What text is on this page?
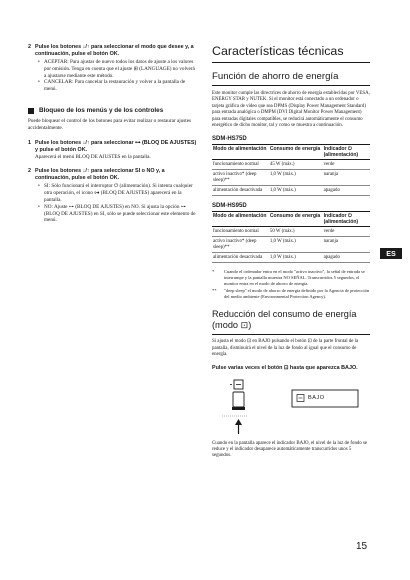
2 Pulse los botones ↓/↑ para seleccionar el modo que desee y, a continuación, pulse el botón OK.
• ACEPTAR: Para ajustar de nuevo todos los datos de ajuste a los valores por omisión. Tenga en cuenta que el ajuste ⊞ (LANGUAGE) no volverá a ajustarse mediante este método.
• CANCELAR: Para cancelar la restauración y volver a la pantalla de menú.
Bloqueo de los menús y de los controles

Puede bloquear el control de los botones para evitar realizar o restaurar ajustes accidentalmente.

1 Pulse los botones ↓/↑ para seleccionar ⊶ (BLOQ DE AJUSTES) y pulse el botón OK.
Aparecerá el menú BLOQ DE AJUSTES en la pantalla.
2 Pulse los botones ↓/↑ para seleccionar SI o NO y, a continuación, pulse el botón OK.
• SI: Sólo funcionará el interruptor ⏻ (alimentación). Si intenta cualquier otra operación, el icono ⊶ (BLOQ DE AJUSTES) aparecerá en la pantalla.
• NO: Ajuste ⊶ (BLOQ DE AJUSTES) en NO. Si ajusta la opción ⊶ (BLOQ DE AJUSTES) en SI, sólo se puede seleccionar este elemento de menú.
Características técnicas
Función de ahorro de energía

Este monitor cumple las directrices de ahorro de energía establecidas por VESA, ENERGY STAR y NUTEK. Si el monitor está conectado a un ordenador o tarjeta gráfica de vídeo que sea DPMS (Display Power Management Standard) para entrada analógica o DMPM (DVI Digital Monitor Power Management) para entradas digitales compatibles, se reducirá automáticamente el consumo energético de dicho monitor, tal y como se muestra a continuación.

SDM-HS75D
Modo de alimentación	Consumo de energía	Indicador ⏻ (alimentación)
funcionamiento normal	45 W (máx.)	verde
activo inactivo* (deep sleep)**	1,0 W (máx.)	naranja
alimentación desactivada	1,0 W (máx.)	apagado
SDM-HS95D
Modo de alimentación	Consumo de energía	Indicador ⏻ (alimentación)
funcionamiento normal	50 W (máx.)	verde
activo inactivo* (deep sleep)**	1,0 W (máx.)	naranja
alimentación desactivada	1,0 W (máx.)	apagado
*	Cuando el ordenador entra en el modo "activo inactivo", la señal de entrada se interrumpe y la pantalla muestra NO SEÑAL. Transcurridos 5 segundos, el monitor entra en el modo de ahorro de energía.
**	"deep sleep" el modo de ahorro de energía definido por la Agencia de protección del medio ambiente (Environmental Protection Agency).
Reducción del consumo de energía (modo ⊡)

Si ajusta el modo ⊡ en BAJO pulsando el botón ⊡ de la parte frontal de la pantalla, disminuirá el nivel de la luz de fondo al igual que el consumo de energía.

Pulse varias veces el botón ⊡ hasta que aparezca BAJO.

BAJO

Cuando en la pantalla aparece el indicador BAJO, el nivel de la luz de fondo se reduce y el indicador desaparece automáticamente transcurridos unos 5 segundos.

ES
15
